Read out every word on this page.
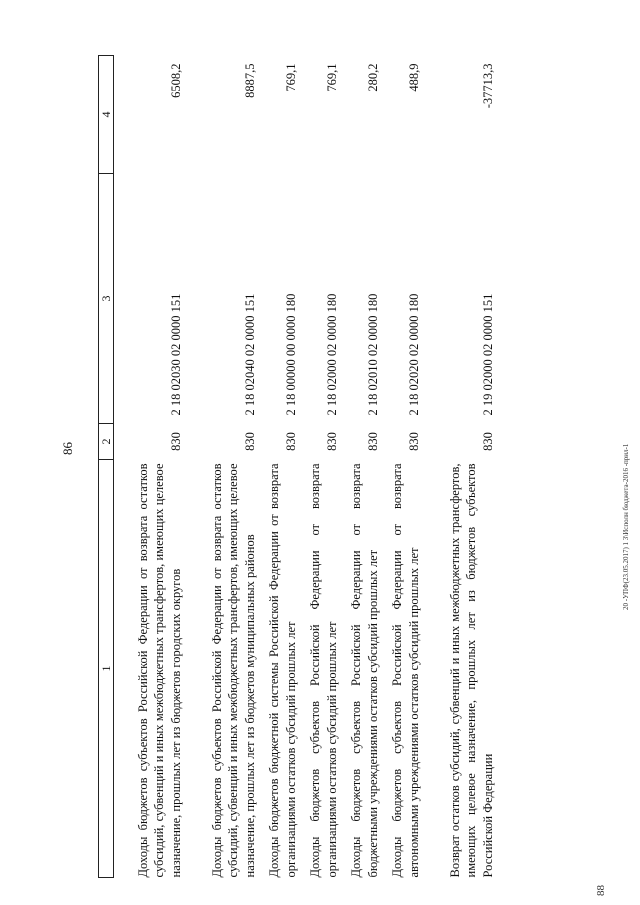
86
88
20 -УПФ(23.05.2017) 1 3\Исполн бюджета-2016 -прил-1
1	2	3	4
Доходы бюджетов субъектов Российской Федерации от возврата остатков субсидий, субвенций и иных межбюджетных трансфертов, имеющих целевое назначение, прошлых лет из бюджетов городских округов	830	2 18 02030 02 0000 151	6508,2
Доходы бюджетов субъектов Российской Федерации от возврата остатков субсидий, субвенций и иных межбюджетных трансфертов, имеющих целевое назначение, прошлых лет из бюджетов муниципальных районов	830	2 18 02040 02 0000 151	8887,5
Доходы бюджетов бюджетной системы Российской Федерации от возврата организациями остатков субсидий прошлых лет	830	2 18 00000 00 0000 180	769,1
Доходы бюджетов субъектов Российской Федерации от возврата организациями остатков субсидий прошлых лет	830	2 18 02000 02 0000 180	769,1
Доходы бюджетов субъектов Российской Федерации от возврата бюджетными учреждениями остатков субсидий прошлых лет	830	2 18 02010 02 0000 180	280,2
Доходы бюджетов субъектов Российской Федерации от возврата автономными учреждениями остатков субсидий прошлых лет	830	2 18 02020 02 0000 180	488,9
Возврат остатков субсидий, субвенций и иных межбюджетных трансфертов, имеющих целевое назначение, прошлых лет из бюджетов субъектов Российской Федерации	830	2 19 02000 02 0000 151	-37713,3
